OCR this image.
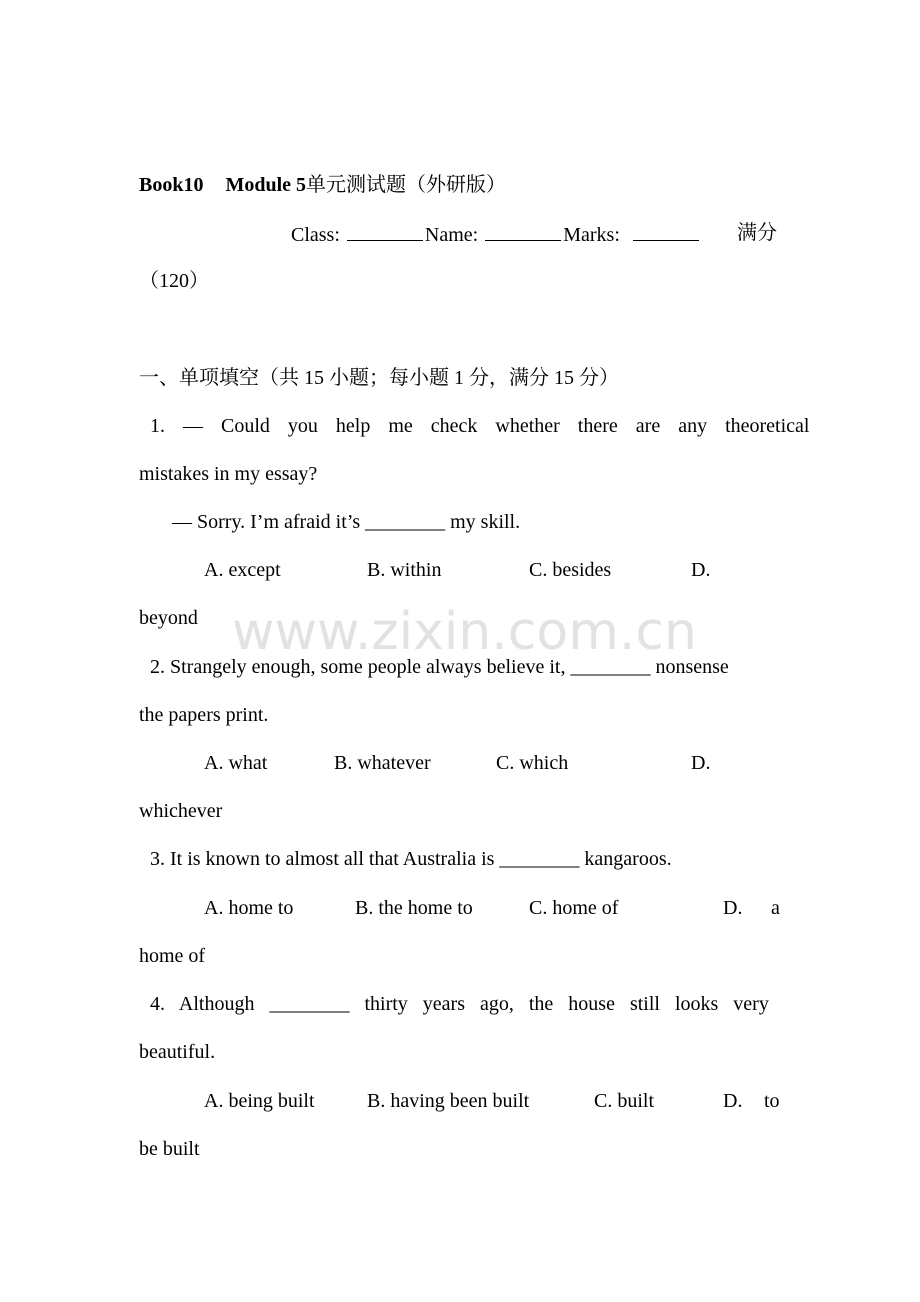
www.zixin.com.cn
Book10 Module 5单元测试题（外研版）
Class:	Name:	Marks:	满分
（120）
一、单项填空（共 15 小题；每小题 1 分，满分 15 分）
1. — Could you help me check whether there are any theoretical
mistakes in my essay?
— Sorry. I’m afraid it’s ________ my skill.
A. except	B. within	C. besides	D.
beyond
2. Strangely enough, some people always believe it, ________ nonsense
the papers print.
A. what	B. whatever	C. which	D.
whichever
3. It is known to almost all that Australia is ________ kangaroos.
A. home to	B. the home to	C. home of	D. a
home of
4. Although ________ thirty years ago, the house still looks very
beautiful.
A. being built	B. having been built	C. built	D. to
be built
